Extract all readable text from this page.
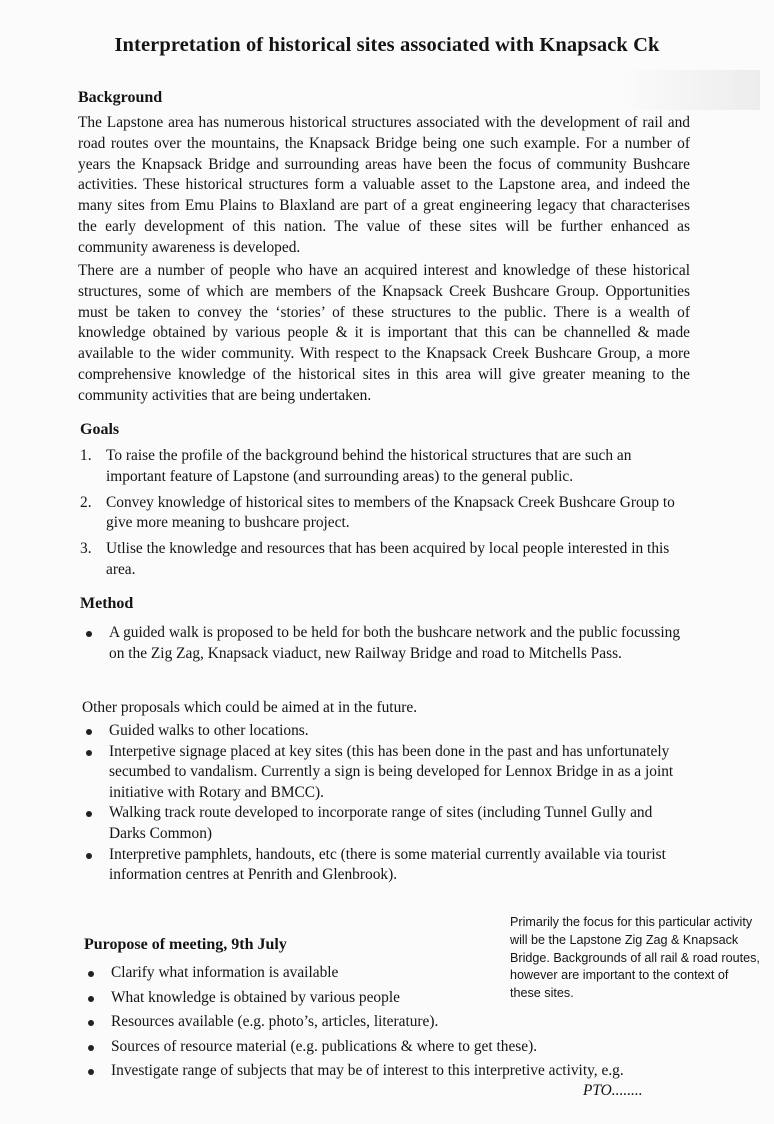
Interpretation of historical sites associated with Knapsack Ck
Background

The Lapstone area has numerous historical structures associated with the development of rail and road routes over the mountains, the Knapsack Bridge being one such example. For a number of years the Knapsack Bridge and surrounding areas have been the focus of community Bushcare activities. These historical structures form a valuable asset to the Lapstone area, and indeed the many sites from Emu Plains to Blaxland are part of a great engineering legacy that characterises the early development of this nation. The value of these sites will be further enhanced as community awareness is developed.

There are a number of people who have an acquired interest and knowledge of these historical structures, some of which are members of the Knapsack Creek Bushcare Group. Opportunities must be taken to convey the ‘stories’ of these structures to the public. There is a wealth of knowledge obtained by various people & it is important that this can be channelled & made available to the wider community. With respect to the Knapsack Creek Bushcare Group, a more comprehensive knowledge of the historical sites in this area will give greater meaning to the community activities that are being undertaken.

Goals
1. To raise the profile of the background behind the historical structures that are such an important feature of Lapstone (and surrounding areas) to the general public.
2. Convey knowledge of historical sites to members of the Knapsack Creek Bushcare Group to give more meaning to bushcare project.
3. Utlise the knowledge and resources that has been acquired by local people interested in this area.
Method
A guided walk is proposed to be held for both the bushcare network and the public focussing on the Zig Zag, Knapsack viaduct, new Railway Bridge and road to Mitchells Pass.
Other proposals which could be aimed at in the future.
Guided walks to other locations.
Interpetive signage placed at key sites (this has been done in the past and has unfortunately secumbed to vandalism. Currently a sign is being developed for Lennox Bridge in as a joint initiative with Rotary and BMCC).
Walking track route developed to incorporate range of sites (including Tunnel Gully and Darks Common)
Interpretive pamphlets, handouts, etc (there is some material currently available via tourist information centres at Penrith and Glenbrook).
Primarily the focus for this particular activity will be the Lapstone Zig Zag & Knapsack Bridge. Backgrounds of all rail & road routes, however are important to the context of these sites.
Puropose of meeting, 9th July
Clarify what information is available
What knowledge is obtained by various people
Resources available (e.g. photo’s, articles, literature).
Sources of resource material (e.g. publications & where to get these).
Investigate range of subjects that may be of interest to this interpretive activity, e.g.
PTO........
